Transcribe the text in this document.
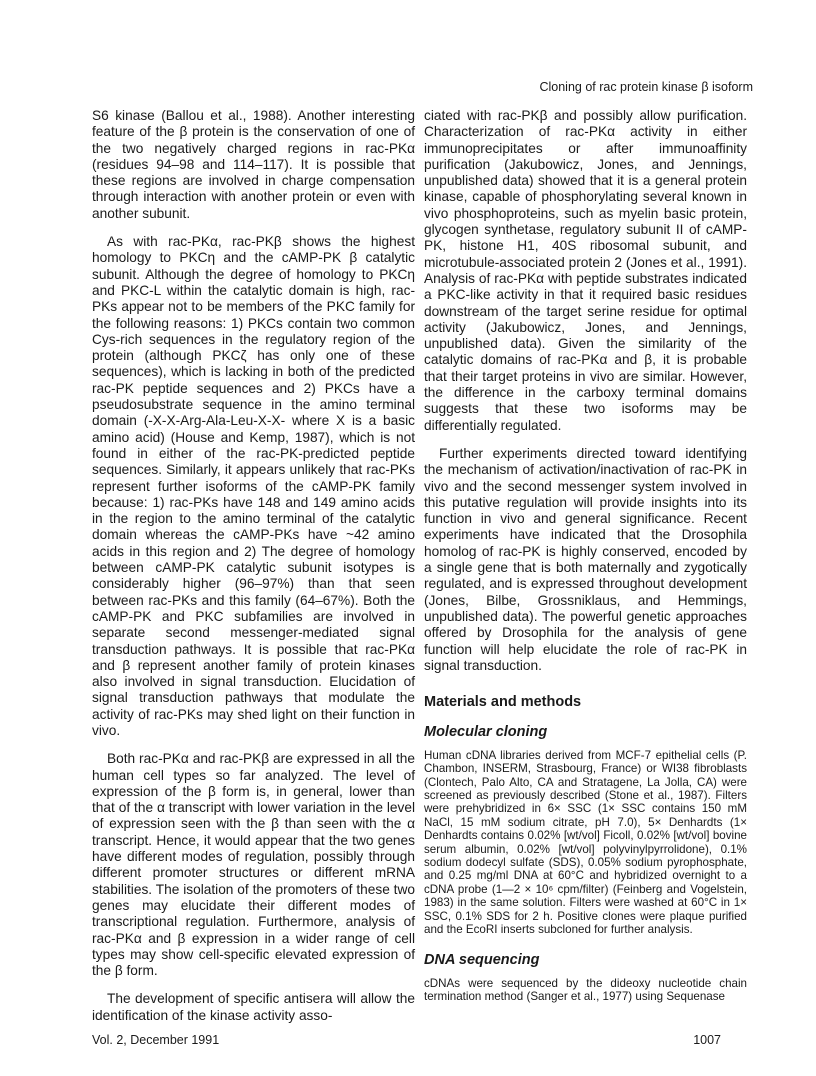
Cloning of rac protein kinase β isoform

S6 kinase (Ballou et al., 1988). Another interesting feature of the β protein is the conservation of one of the two negatively charged regions in rac-PKα (residues 94–98 and 114–117). It is possible that these regions are involved in charge compensation through interaction with another protein or even with another subunit.

As with rac-PKα, rac-PKβ shows the highest homology to PKCη and the cAMP-PK β catalytic subunit. Although the degree of homology to PKCη and PKC-L within the catalytic domain is high, rac-PKs appear not to be members of the PKC family for the following reasons: 1) PKCs contain two common Cys-rich sequences in the regulatory region of the protein (although PKCζ has only one of these sequences), which is lacking in both of the predicted rac-PK peptide sequences and 2) PKCs have a pseudosubstrate sequence in the amino terminal domain (-X-X-Arg-Ala-Leu-X-X- where X is a basic amino acid) (House and Kemp, 1987), which is not found in either of the rac-PK-predicted peptide sequences. Similarly, it appears unlikely that rac-PKs represent further isoforms of the cAMP-PK family because: 1) rac-PKs have 148 and 149 amino acids in the region to the amino terminal of the catalytic domain whereas the cAMP-PKs have ~42 amino acids in this region and 2) The degree of homology between cAMP-PK catalytic subunit isotypes is considerably higher (96–97%) than that seen between rac-PKs and this family (64–67%). Both the cAMP-PK and PKC subfamilies are involved in separate second messenger-mediated signal transduction pathways. It is possible that rac-PKα and β represent another family of protein kinases also involved in signal transduction. Elucidation of signal transduction pathways that modulate the activity of rac-PKs may shed light on their function in vivo.

Both rac-PKα and rac-PKβ are expressed in all the human cell types so far analyzed. The level of expression of the β form is, in general, lower than that of the α transcript with lower variation in the level of expression seen with the β than seen with the α transcript. Hence, it would appear that the two genes have different modes of regulation, possibly through different promoter structures or different mRNA stabilities. The isolation of the promoters of these two genes may elucidate their different modes of transcriptional regulation. Furthermore, analysis of rac-PKα and β expression in a wider range of cell types may show cell-specific elevated expression of the β form.

The development of specific antisera will allow the identification of the kinase activity asso-

ciated with rac-PKβ and possibly allow purification. Characterization of rac-PKα activity in either immunoprecipitates or after immunoaffinity purification (Jakubowicz, Jones, and Jennings, unpublished data) showed that it is a general protein kinase, capable of phosphorylating several known in vivo phosphoproteins, such as myelin basic protein, glycogen synthetase, regulatory subunit II of cAMP-PK, histone H1, 40S ribosomal subunit, and microtubule-associated protein 2 (Jones et al., 1991). Analysis of rac-PKα with peptide substrates indicated a PKC-like activity in that it required basic residues downstream of the target serine residue for optimal activity (Jakubowicz, Jones, and Jennings, unpublished data). Given the similarity of the catalytic domains of rac-PKα and β, it is probable that their target proteins in vivo are similar. However, the difference in the carboxy terminal domains suggests that these two isoforms may be differentially regulated.

Further experiments directed toward identifying the mechanism of activation/inactivation of rac-PK in vivo and the second messenger system involved in this putative regulation will provide insights into its function in vivo and general significance. Recent experiments have indicated that the Drosophila homolog of rac-PK is highly conserved, encoded by a single gene that is both maternally and zygotically regulated, and is expressed throughout development (Jones, Bilbe, Grossniklaus, and Hemmings, unpublished data). The powerful genetic approaches offered by Drosophila for the analysis of gene function will help elucidate the role of rac-PK in signal transduction.

Materials and methods

Molecular cloning

Human cDNA libraries derived from MCF-7 epithelial cells (P. Chambon, INSERM, Strasbourg, France) or WI38 fibroblasts (Clontech, Palo Alto, CA and Stratagene, La Jolla, CA) were screened as previously described (Stone et al., 1987). Filters were prehybridized in 6× SSC (1× SSC contains 150 mM NaCl, 15 mM sodium citrate, pH 7.0), 5× Denhardts (1× Denhardts contains 0.02% [wt/vol] Ficoll, 0.02% [wt/vol] bovine serum albumin, 0.02% [wt/vol] polyvinylpyrrolidone), 0.1% sodium dodecyl sulfate (SDS), 0.05% sodium pyrophosphate, and 0.25 mg/ml DNA at 60°C and hybridized overnight to a cDNA probe (1—2 × 10⁶ cpm/filter) (Feinberg and Vogelstein, 1983) in the same solution. Filters were washed at 60°C in 1× SSC, 0.1% SDS for 2 h. Positive clones were plaque purified and the EcoRI inserts subcloned for further analysis.

DNA sequencing

cDNAs were sequenced by the dideoxy nucleotide chain termination method (Sanger et al., 1977) using Sequenase

Vol. 2, December 1991	1007
